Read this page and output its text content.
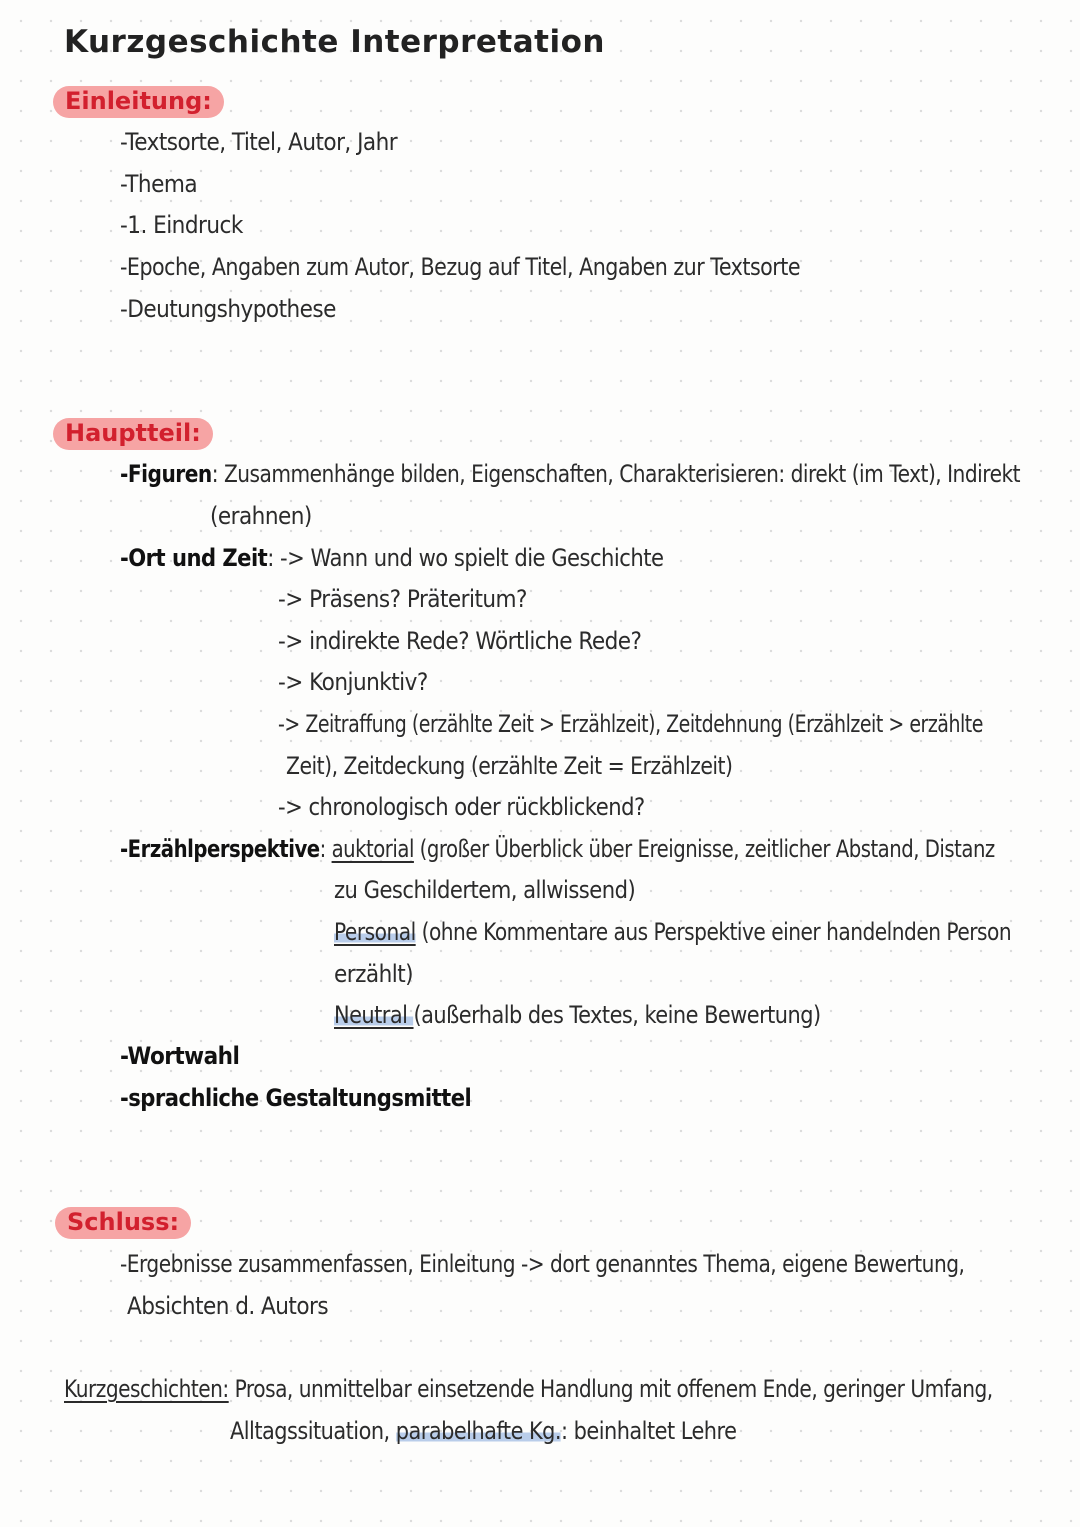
Kurzgeschichte Interpretation
Einleitung:
-Textsorte, Titel, Autor, Jahr
-Thema
-1. Eindruck
-Epoche, Angaben zum Autor, Bezug auf Titel, Angaben zur Textsorte
-Deutungshypothese
Hauptteil:
-Figuren: Zusammenhänge bilden, Eigenschaften, Charakterisieren: direkt (im Text), Indirekt
(erahnen)
-Ort und Zeit: -> Wann und wo spielt die Geschichte
-> Präsens? Präteritum?
-> indirekte Rede? Wörtliche Rede?
-> Konjunktiv?
-> Zeitraffung (erzählte Zeit > Erzählzeit), Zeitdehnung (Erzählzeit > erzählte
Zeit), Zeitdeckung (erzählte Zeit = Erzählzeit)
-> chronologisch oder rückblickend?
-Erzählperspektive: auktorial (großer Überblick über Ereignisse, zeitlicher Abstand, Distanz
zu Geschildertem, allwissend)
Personal (ohne Kommentare aus Perspektive einer handelnden Person
erzählt)
Neutral (außerhalb des Textes, keine Bewertung)
-Wortwahl
-sprachliche Gestaltungsmittel
Schluss:
-Ergebnisse zusammenfassen, Einleitung -> dort genanntes Thema, eigene Bewertung,
Absichten d. Autors
Kurzgeschichten: Prosa, unmittelbar einsetzende Handlung mit offenem Ende, geringer Umfang,
Alltagssituation, parabelhafte Kg.: beinhaltet Lehre
